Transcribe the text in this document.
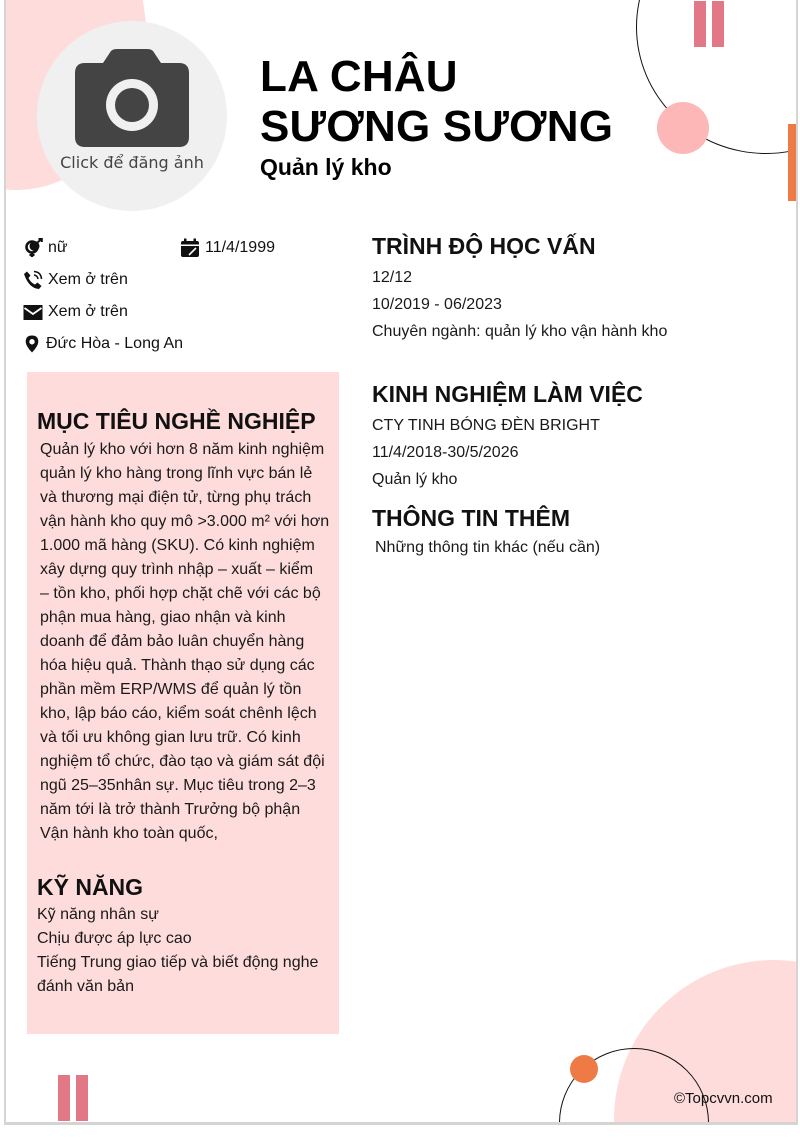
Click để đăng ảnh
LA CHÂU
SƯƠNG SƯƠNG
Quản lý kho
nữ	11/4/1999
Xem ở trên
Xem ở trên
Đức Hòa - Long An
MỤC TIÊU NGHỀ NGHIỆP
Quản lý kho với hơn 8 năm kinh nghiệm
quản lý kho hàng trong lĩnh vực bán lẻ
và thương mại điện tử, từng phụ trách
vận hành kho quy mô >3.000 m² với hơn
1.000 mã hàng (SKU). Có kinh nghiệm
xây dựng quy trình nhập – xuất – kiểm
– tồn kho, phối hợp chặt chẽ với các bộ
phận mua hàng, giao nhận và kinh
doanh để đảm bảo luân chuyển hàng
hóa hiệu quả. Thành thạo sử dụng các
phần mềm ERP/WMS để quản lý tồn
kho, lập báo cáo, kiểm soát chênh lệch
và tối ưu không gian lưu trữ. Có kinh
nghiệm tổ chức, đào tạo và giám sát đội
ngũ 25–35nhân sự. Mục tiêu trong 2–3
năm tới là trở thành Trưởng bộ phận
Vận hành kho toàn quốc,
KỸ NĂNG
Kỹ năng nhân sự
Chịu được áp lực cao
Tiếng Trung giao tiếp và biết động nghe
đánh văn bản
TRÌNH ĐỘ HỌC VẤN
12/12
10/2019 - 06/2023
Chuyên ngành: quản lý kho vận hành kho
KINH NGHIỆM LÀM VIỆC
CTY TINH BÓNG ĐÈN BRIGHT
11/4/2018-30/5/2026
Quản lý kho
THÔNG TIN THÊM
Những thông tin khác (nếu cần)
©Topcvvn.com
